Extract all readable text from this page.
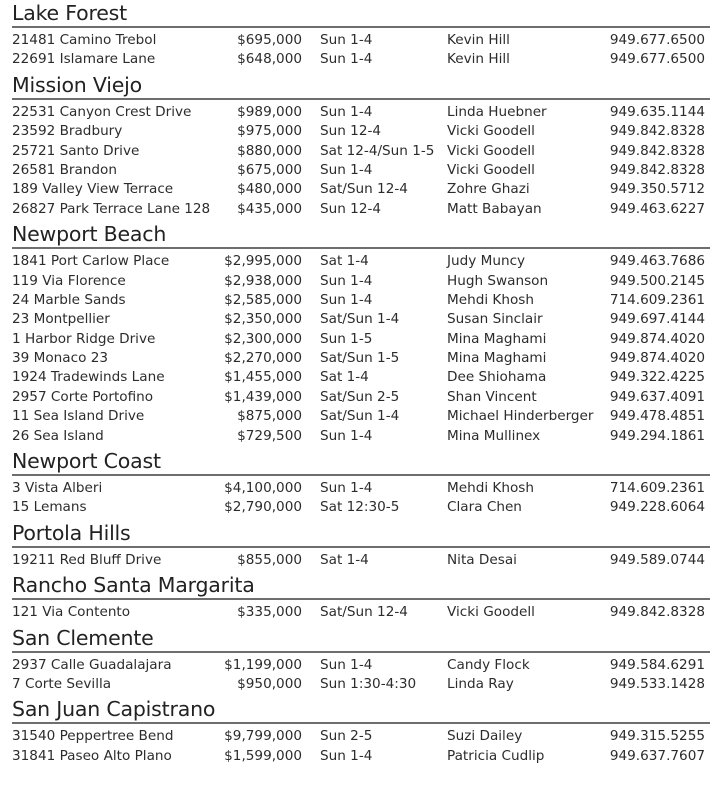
Lake Forest
21481 Camino Trebol	$695,000 Sun 1-4	Kevin Hill	949.677.6500
22691 Islamare Lane	$648,000 Sun 1-4	Kevin Hill	949.677.6500
Mission Viejo
22531 Canyon Crest Drive	$989,000 Sun 1-4	Linda Huebner	949.635.1144
23592 Bradbury	$975,000 Sun 12-4	Vicki Goodell	949.842.8328
25721 Santo Drive	$880,000 Sat 12-4/Sun 1-5 Vicki Goodell	949.842.8328
26581 Brandon	$675,000 Sun 1-4	Vicki Goodell	949.842.8328
189 Valley View Terrace	$480,000 Sat/Sun 12-4	Zohre Ghazi	949.350.5712
26827 Park Terrace Lane 128 $435,000 Sun 12-4	Matt Babayan	949.463.6227
Newport Beach
1841 Port Carlow Place	$2,995,000 Sat 1-4	Judy Muncy	949.463.7686
119 Via Florence	$2,938,000 Sun 1-4	Hugh Swanson	949.500.2145
24 Marble Sands	$2,585,000 Sun 1-4	Mehdi Khosh	714.609.2361
23 Montpellier	$2,350,000 Sat/Sun 1-4	Susan Sinclair	949.697.4144
1 Harbor Ridge Drive	$2,300,000 Sun 1-5	Mina Maghami	949.874.4020
39 Monaco 23	$2,270,000 Sat/Sun 1-5	Mina Maghami	949.874.4020
1924 Tradewinds Lane	$1,455,000 Sat 1-4	Dee Shiohama	949.322.4225
2957 Corte Portofino	$1,439,000 Sat/Sun 2-5	Shan Vincent	949.637.4091
11 Sea Island Drive	$875,000 Sat/Sun 1-4	Michael Hinderberger 949.478.4851
26 Sea Island	$729,500 Sun 1-4	Mina Mullinex	949.294.1861
Newport Coast
3 Vista Alberi	$4,100,000 Sun 1-4	Mehdi Khosh	714.609.2361
15 Lemans	$2,790,000 Sat 12:30-5	Clara Chen	949.228.6064
Portola Hills
19211 Red Bluff Drive	$855,000 Sat 1-4	Nita Desai	949.589.0744
Rancho Santa Margarita
121 Via Contento	$335,000 Sat/Sun 12-4	Vicki Goodell	949.842.8328
San Clemente
2937 Calle Guadalajara	$1,199,000 Sun 1-4	Candy Flock	949.584.6291
7 Corte Sevilla	$950,000 Sun 1:30-4:30 Linda Ray	949.533.1428
San Juan Capistrano
31540 Peppertree Bend	$9,799,000 Sun 2-5	Suzi Dailey	949.315.5255
31841 Paseo Alto Plano	$1,599,000 Sun 1-4	Patricia Cudlip	949.637.7607
